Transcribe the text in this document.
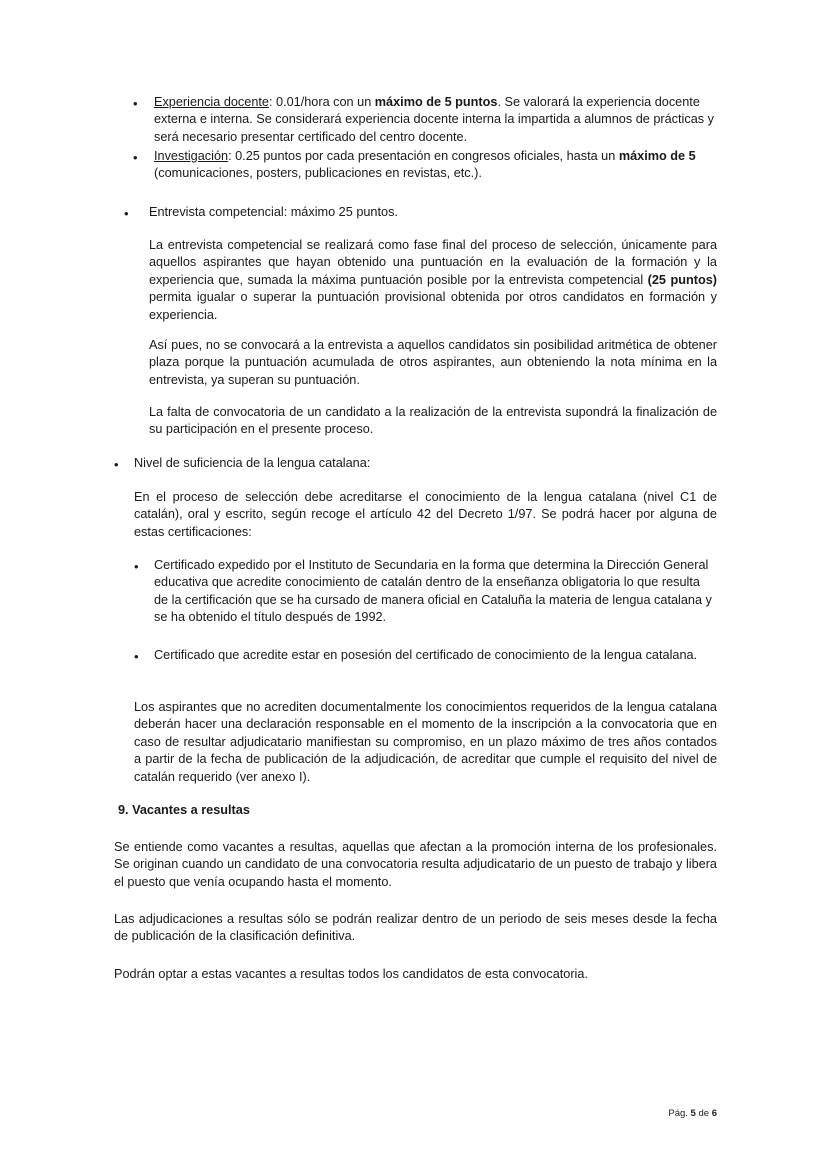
• Experiencia docente: 0.01/hora con un máximo de 5 puntos. Se valorará la experiencia docente externa e interna. Se considerará experiencia docente interna la impartida a alumnos de prácticas y será necesario presentar certificado del centro docente.

• Investigación: 0.25 puntos por cada presentación en congresos oficiales, hasta un máximo de 5 (comunicaciones, posters, publicaciones en revistas, etc.).

• Entrevista competencial: máximo 25 puntos.

La entrevista competencial se realizará como fase final del proceso de selección, únicamente para aquellos aspirantes que hayan obtenido una puntuación en la evaluación de la formación y la experiencia que, sumada la máxima puntuación posible por la entrevista competencial (25 puntos) permita igualar o superar la puntuación provisional obtenida por otros candidatos en formación y experiencia.

Así pues, no se convocará a la entrevista a aquellos candidatos sin posibilidad aritmética de obtener plaza porque la puntuación acumulada de otros aspirantes, aun obteniendo la nota mínima en la entrevista, ya superan su puntuación.

La falta de convocatoria de un candidato a la realización de la entrevista supondrá la finalización de su participación en el presente proceso.

• Nivel de suficiencia de la lengua catalana:

En el proceso de selección debe acreditarse el conocimiento de la lengua catalana (nivel C1 de catalán), oral y escrito, según recoge el artículo 42 del Decreto 1/97. Se podrá hacer por alguna de estas certificaciones:

• Certificado expedido por el Instituto de Secundaria en la forma que determina la Dirección General educativa que acredite conocimiento de catalán dentro de la enseñanza obligatoria lo que resulta de la certificación que se ha cursado de manera oficial en Cataluña la materia de lengua catalana y se ha obtenido el título después de 1992.

• Certificado que acredite estar en posesión del certificado de conocimiento de la lengua catalana.

Los aspirantes que no acrediten documentalmente los conocimientos requeridos de la lengua catalana deberán hacer una declaración responsable en el momento de la inscripción a la convocatoria que en caso de resultar adjudicatario manifiestan su compromiso, en un plazo máximo de tres años contados a partir de la fecha de publicación de la adjudicación, de acreditar que cumple el requisito del nivel de catalán requerido (ver anexo I).

9. Vacantes a resultas

Se entiende como vacantes a resultas, aquellas que afectan a la promoción interna de los profesionales. Se originan cuando un candidato de una convocatoria resulta adjudicatario de un puesto de trabajo y libera el puesto que venía ocupando hasta el momento.

Las adjudicaciones a resultas sólo se podrán realizar dentro de un periodo de seis meses desde la fecha de publicación de la clasificación definitiva.

Podrán optar a estas vacantes a resultas todos los candidatos de esta convocatoria.

Pág. 5 de 6
